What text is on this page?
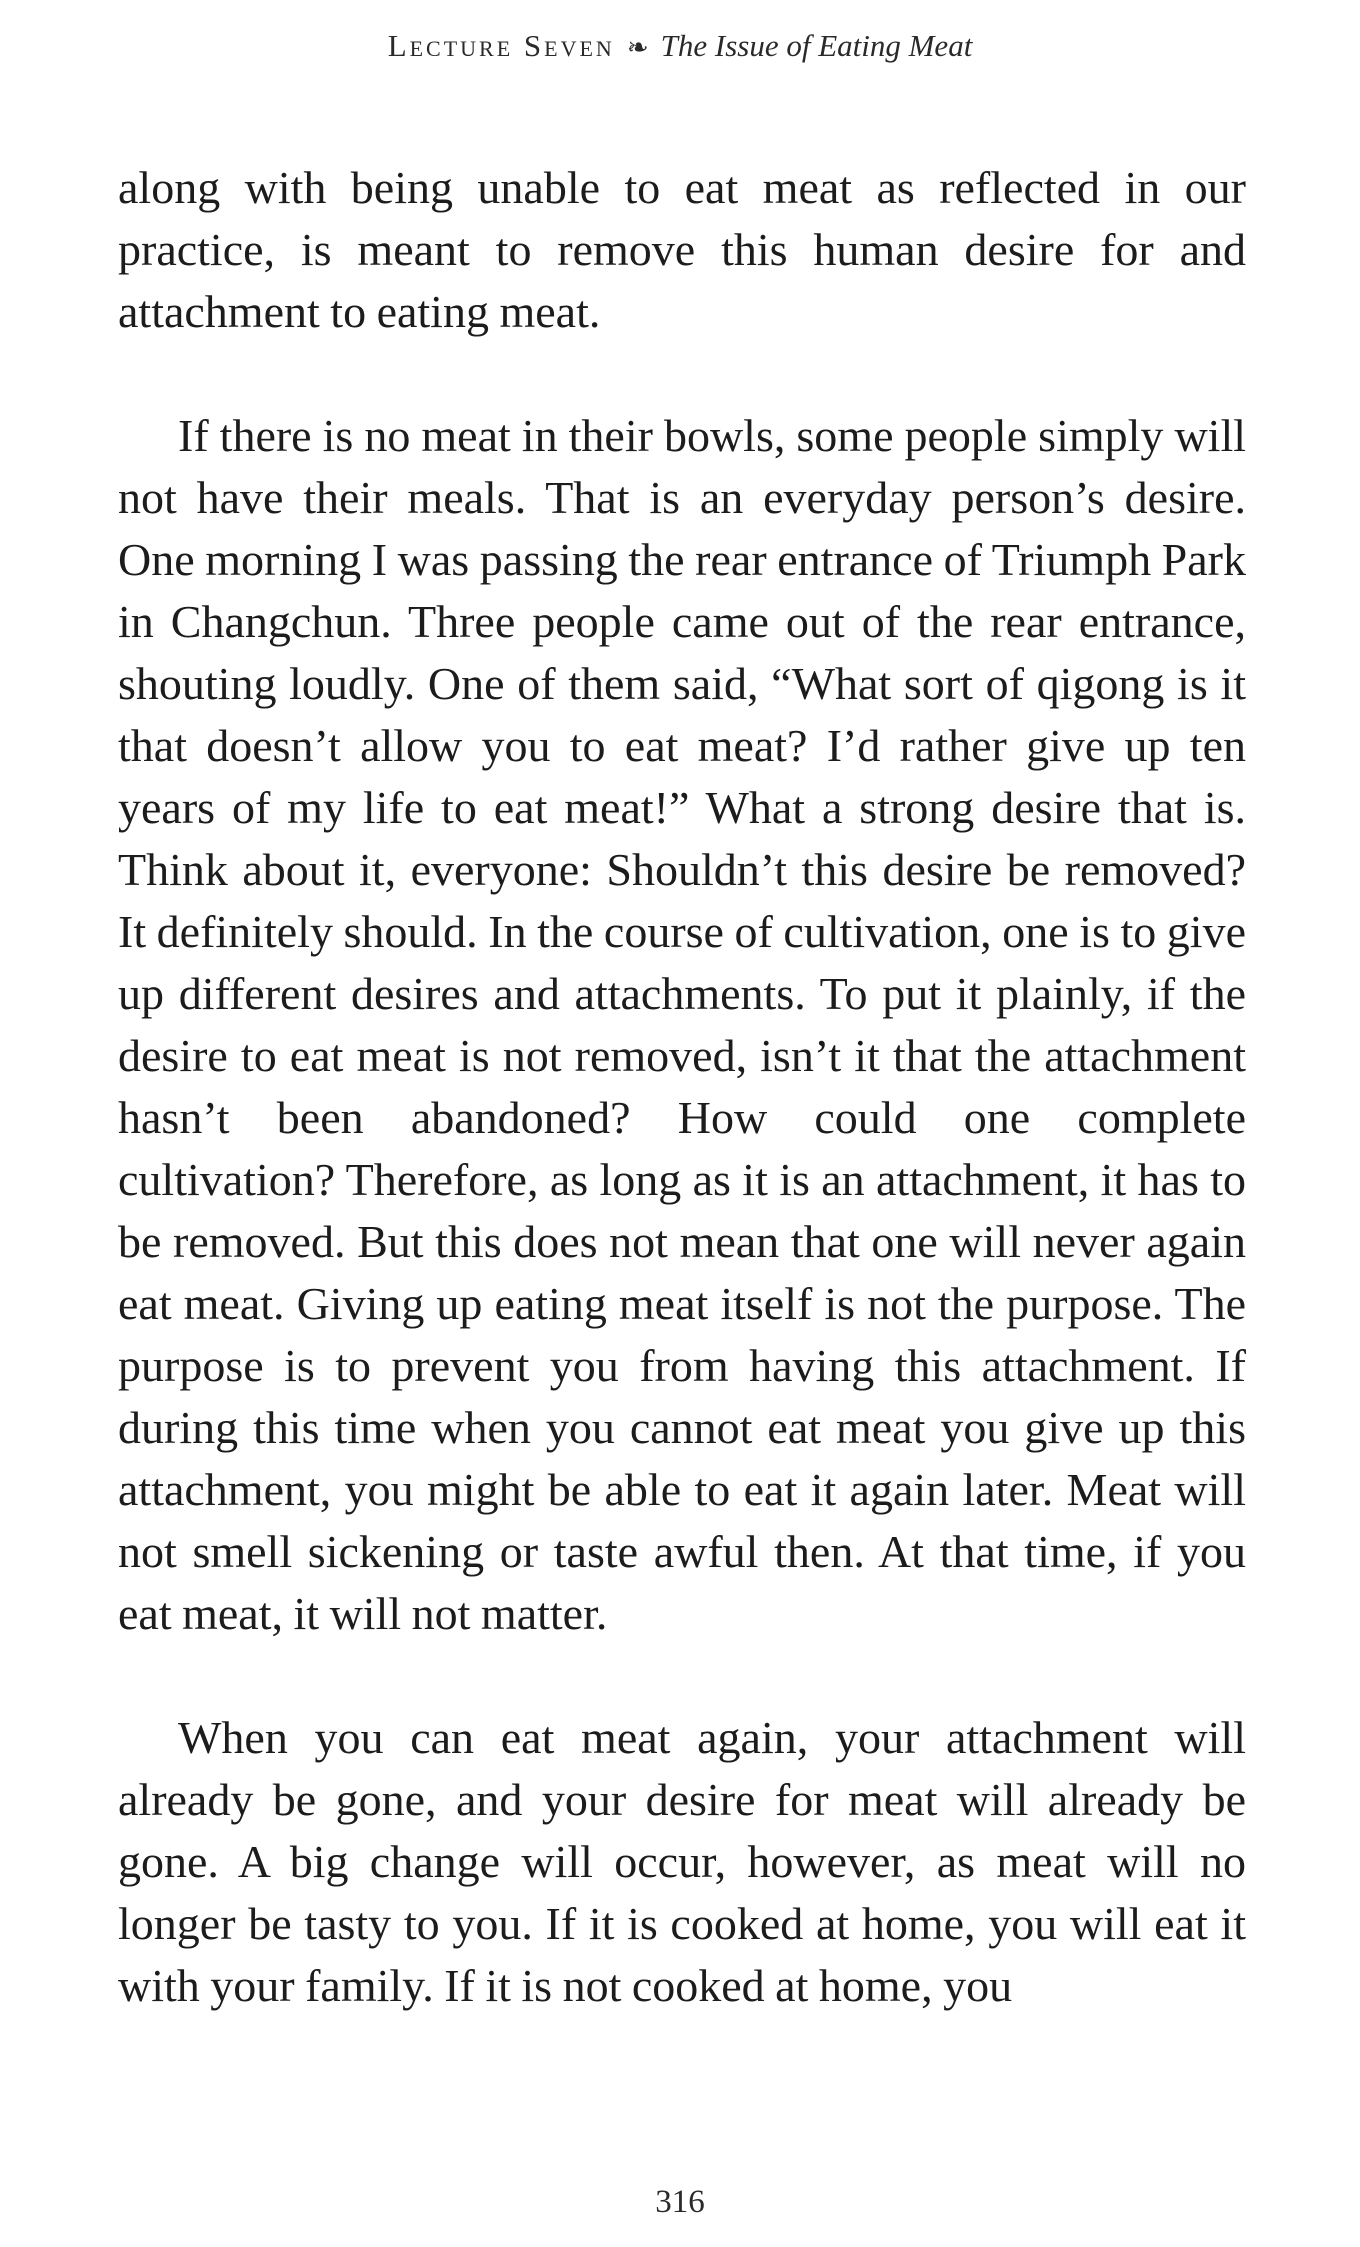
Lecture Seven ❧ The Issue of Eating Meat

along with being unable to eat meat as reflected in our practice, is meant to remove this human desire for and attachment to eating meat.

If there is no meat in their bowls, some people simply will not have their meals. That is an everyday person’s desire. One morning I was passing the rear entrance of Triumph Park in Changchun. Three people came out of the rear entrance, shouting loudly. One of them said, “What sort of qigong is it that doesn’t allow you to eat meat? I’d rather give up ten years of my life to eat meat!” What a strong desire that is. Think about it, everyone: Shouldn’t this desire be removed? It definitely should. In the course of cultivation, one is to give up different desires and attachments. To put it plainly, if the desire to eat meat is not removed, isn’t it that the attachment hasn’t been abandoned? How could one complete cultivation? Therefore, as long as it is an attachment, it has to be removed. But this does not mean that one will never again eat meat. Giving up eating meat itself is not the purpose. The purpose is to prevent you from having this attachment. If during this time when you cannot eat meat you give up this attachment, you might be able to eat it again later. Meat will not smell sickening or taste awful then. At that time, if you eat meat, it will not matter.

When you can eat meat again, your attachment will already be gone, and your desire for meat will already be gone. A big change will occur, however, as meat will no longer be tasty to you. If it is cooked at home, you will eat it with your family. If it is not cooked at home, you

316
